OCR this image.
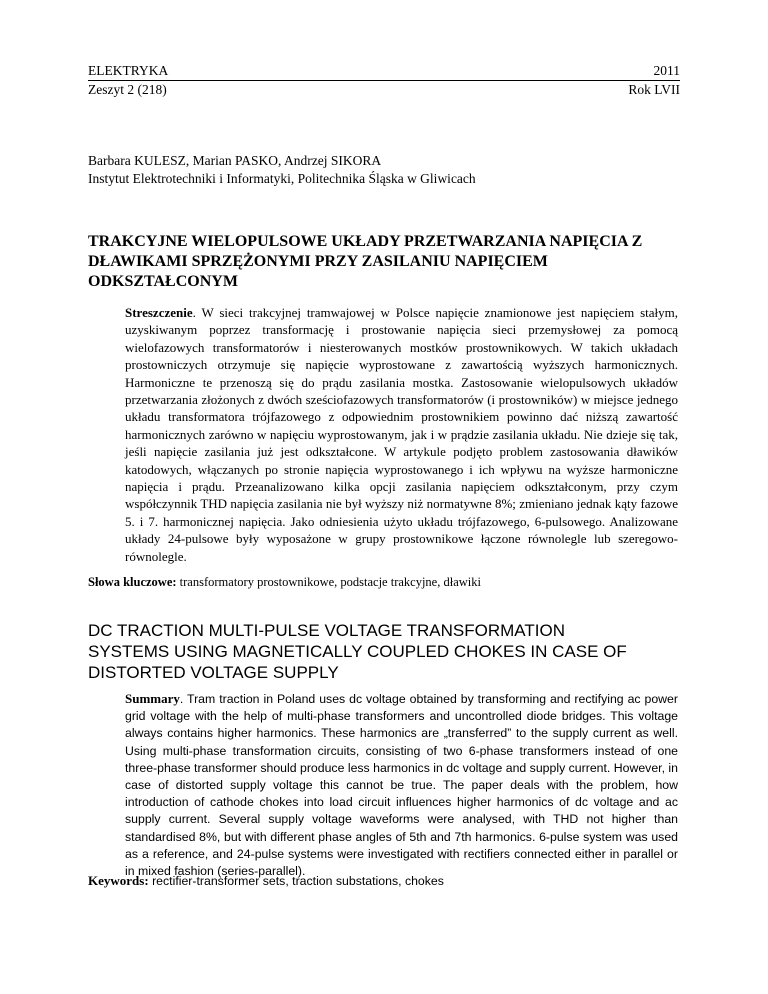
ELEKTRYKA	2011
Zeszyt 2 (218)	Rok LVII
Barbara KULESZ, Marian PASKO, Andrzej SIKORA
Instytut Elektrotechniki i Informatyki, Politechnika Śląska w Gliwicach
TRAKCYJNE WIELOPULSOWE UKŁADY PRZETWARZANIA NAPIĘCIA Z DŁAWIKAMI SPRZĘŻONYMI PRZY ZASILANIU NAPIĘCIEM ODKSZTAŁCONYM
Streszczenie. W sieci trakcyjnej tramwajowej w Polsce napięcie znamionowe jest napięciem stałym, uzyskiwanym poprzez transformację i prostowanie napięcia sieci przemysłowej za pomocą wielofazowych transformatorów i niesterowanych mostków prostownikowych. W takich układach prostowniczych otrzymuje się napięcie wyprostowane z zawartością wyższych harmonicznych. Harmoniczne te przenoszą się do prądu zasilania mostka. Zastosowanie wielopulsowych układów przetwarzania złożonych z dwóch sześciofazowych transformatorów (i prostowników) w miejsce jednego układu transformatora trójfazowego z odpowiednim prostownikiem powinno dać niższą zawartość harmonicznych zarówno w napięciu wyprostowanym, jak i w prądzie zasilania układu. Nie dzieje się tak, jeśli napięcie zasilania już jest odkształcone. W artykule podjęto problem zastosowania dławików katodowych, włączanych po stronie napięcia wyprostowanego i ich wpływu na wyższe harmoniczne napięcia i prądu. Przeanalizowano kilka opcji zasilania napięciem odkształconym, przy czym współczynnik THD napięcia zasilania nie był wyższy niż normatywne 8%; zmieniano jednak kąty fazowe 5. i 7. harmonicznej napięcia. Jako odniesienia użyto układu trójfazowego, 6-pulsowego. Analizowane układy 24-pulsowe były wyposażone w grupy prostownikowe łączone równolegle lub szeregowo-równolegle.
Słowa kluczowe: transformatory prostownikowe, podstacje trakcyjne, dławiki
DC TRACTION MULTI-PULSE VOLTAGE TRANSFORMATION SYSTEMS USING MAGNETICALLY COUPLED CHOKES IN CASE OF DISTORTED VOLTAGE SUPPLY
Summary. Tram traction in Poland uses dc voltage obtained by transforming and rectifying ac power grid voltage with the help of multi-phase transformers and uncontrolled diode bridges. This voltage always contains higher harmonics. These harmonics are „transferred” to the supply current as well. Using multi-phase transformation circuits, consisting of two 6-phase transformers instead of one three-phase transformer should produce less harmonics in dc voltage and supply current. However, in case of distorted supply voltage this cannot be true. The paper deals with the problem, how introduction of cathode chokes into load circuit influences higher harmonics of dc voltage and ac supply current. Several supply voltage waveforms were analysed, with THD not higher than standardised 8%, but with different phase angles of 5th and 7th harmonics. 6-pulse system was used as a reference, and 24-pulse systems were investigated with rectifiers connected either in parallel or in mixed fashion (series-parallel).
Keywords: rectifier-transformer sets, traction substations, chokes
